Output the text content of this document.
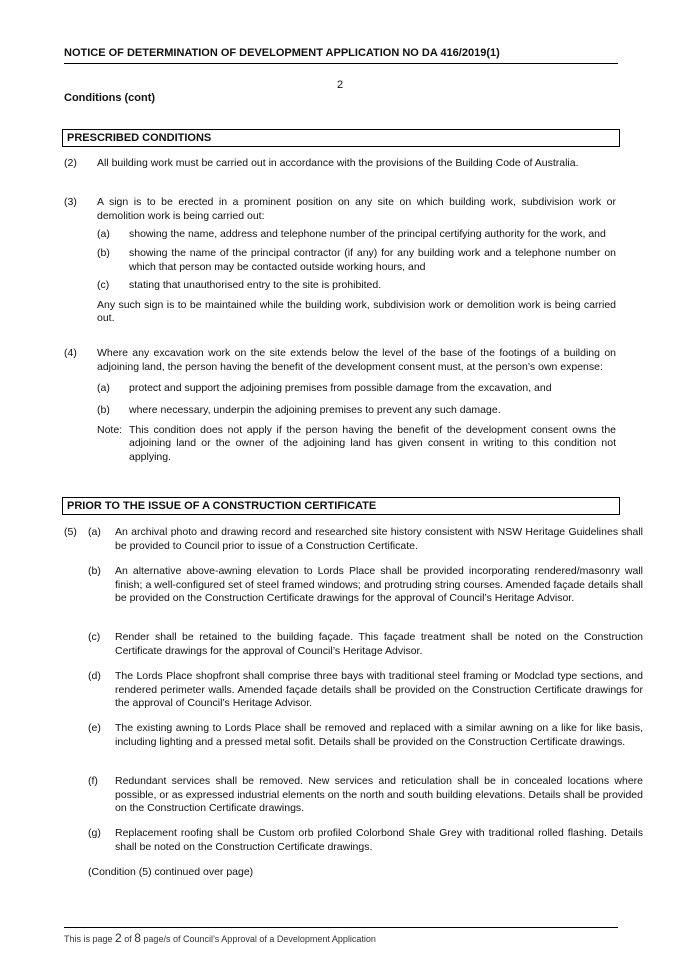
NOTICE OF DETERMINATION OF DEVELOPMENT APPLICATION NO DA 416/2019(1)
2
Conditions (cont)
PRESCRIBED CONDITIONS
(2) All building work must be carried out in accordance with the provisions of the Building Code of Australia.
(3) A sign is to be erected in a prominent position on any site on which building work, subdivision work or demolition work is being carried out:
(a) showing the name, address and telephone number of the principal certifying authority for the work, and
(b) showing the name of the principal contractor (if any) for any building work and a telephone number on which that person may be contacted outside working hours, and
(c) stating that unauthorised entry to the site is prohibited.
Any such sign is to be maintained while the building work, subdivision work or demolition work is being carried out.
(4) Where any excavation work on the site extends below the level of the base of the footings of a building on adjoining land, the person having the benefit of the development consent must, at the person’s own expense:
(a) protect and support the adjoining premises from possible damage from the excavation, and
(b) where necessary, underpin the adjoining premises to prevent any such damage.
Note: This condition does not apply if the person having the benefit of the development consent owns the adjoining land or the owner of the adjoining land has given consent in writing to this condition not applying.
PRIOR TO THE ISSUE OF A CONSTRUCTION CERTIFICATE
(5) (a) An archival photo and drawing record and researched site history consistent with NSW Heritage Guidelines shall be provided to Council prior to issue of a Construction Certificate.
(b) An alternative above-awning elevation to Lords Place shall be provided incorporating rendered/masonry wall finish; a well-configured set of steel framed windows; and protruding string courses. Amended façade details shall be provided on the Construction Certificate drawings for the approval of Council’s Heritage Advisor.
(c) Render shall be retained to the building façade. This façade treatment shall be noted on the Construction Certificate drawings for the approval of Council’s Heritage Advisor.
(d) The Lords Place shopfront shall comprise three bays with traditional steel framing or Modclad type sections, and rendered perimeter walls. Amended façade details shall be provided on the Construction Certificate drawings for the approval of Council’s Heritage Advisor.
(e) The existing awning to Lords Place shall be removed and replaced with a similar awning on a like for like basis, including lighting and a pressed metal sofit. Details shall be provided on the Construction Certificate drawings.
(f) Redundant services shall be removed. New services and reticulation shall be in concealed locations where possible, or as expressed industrial elements on the north and south building elevations. Details shall be provided on the Construction Certificate drawings.
(g) Replacement roofing shall be Custom orb profiled Colorbond Shale Grey with traditional rolled flashing. Details shall be noted on the Construction Certificate drawings.
(Condition (5) continued over page)
This is page 2 of 8 page/s of Council’s Approval of a Development Application
